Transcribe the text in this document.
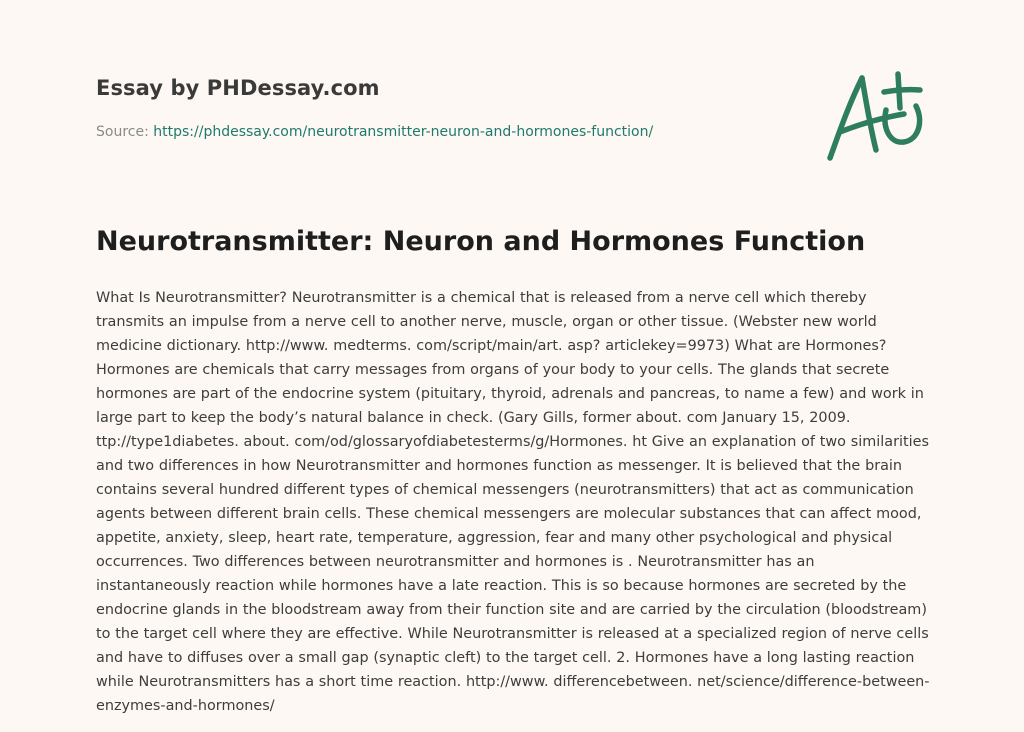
Essay by PHDessay.com
Source: https://phdessay.com/neurotransmitter-neuron-and-hormones-function/
Neurotransmitter: Neuron and Hormones Function

What Is Neurotransmitter? Neurotransmitter is a chemical that is released from a nerve cell which thereby transmits an impulse from a nerve cell to another nerve, muscle, organ or other tissue. (Webster new world medicine dictionary. http://www. medterms. com/script/main/art. asp? articlekey=9973) What are Hormones? Hormones are chemicals that carry messages from organs of your body to your cells. The glands that secrete hormones are part of the endocrine system (pituitary, thyroid, adrenals and pancreas, to name a few) and work in large part to keep the body’s natural balance in check. (Gary Gills, former about. com January 15, 2009. ttp://type1diabetes. about. com/od/glossaryofdiabetesterms/g/Hormones. ht Give an explanation of two similarities and two differences in how Neurotransmitter and hormones function as messenger. It is believed that the brain contains several hundred different types of chemical messengers (neurotransmitters) that act as communication agents between different brain cells. These chemical messengers are molecular substances that can affect mood, appetite, anxiety, sleep, heart rate, temperature, aggression, fear and many other psychological and physical occurrences. Two differences between neurotransmitter and hormones is . Neurotransmitter has an instantaneously reaction while hormones have a late reaction. This is so because hormones are secreted by the endocrine glands in the bloodstream away from their function site and are carried by the circulation (bloodstream) to the target cell where they are effective. While Neurotransmitter is released at a specialized region of nerve cells and have to diffuses over a small gap (synaptic cleft) to the target cell. 2. Hormones have a long lasting reaction while Neurotransmitters has a short time reaction. http://www. differencebetween. net/science/difference-between-enzymes-and-hormones/
